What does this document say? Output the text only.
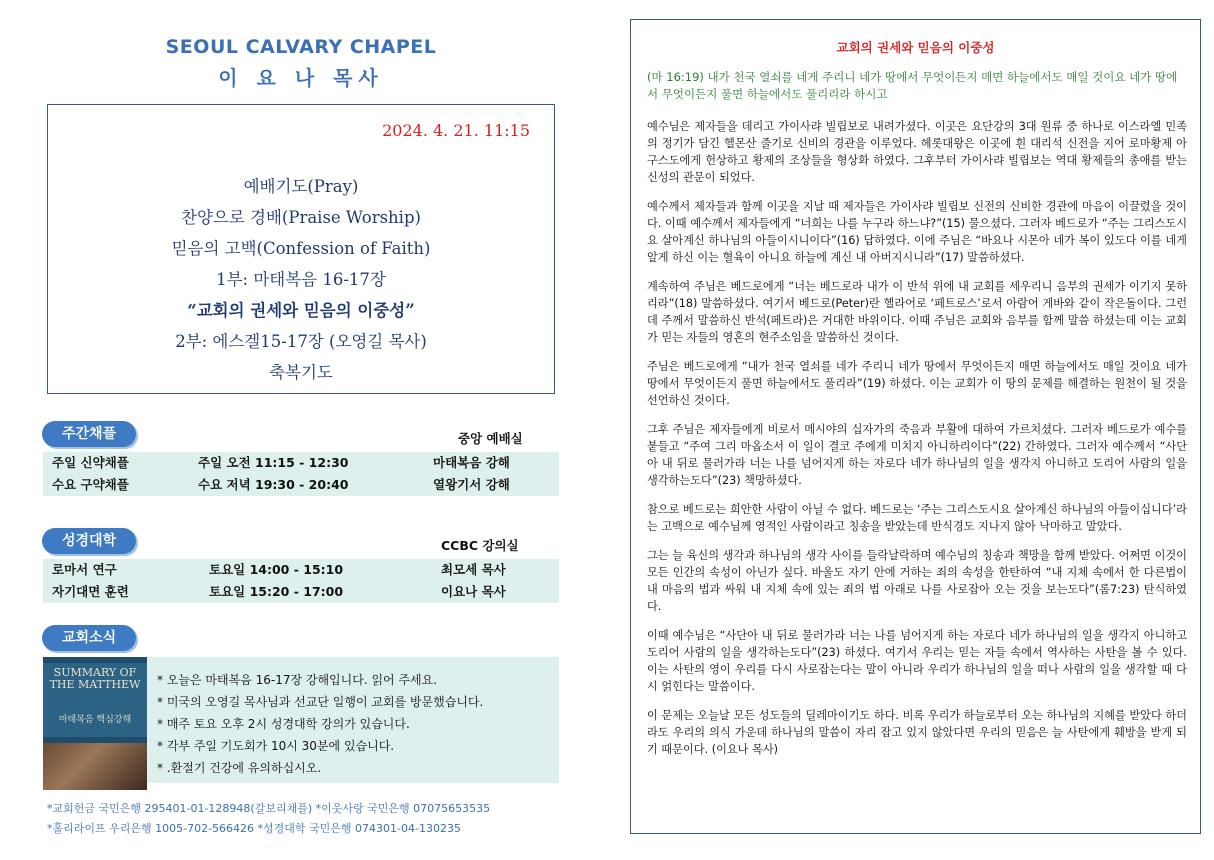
SEOUL CALVARY CHAPEL
이 요 나 목사
2024. 4. 21. 11:15
예배기도(Pray)
찬양으로 경배(Praise Worship)
믿음의 고백(Confession of Faith)
1부: 마태복음 16-17장
“교회의 권세와 믿음의 이중성”
2부: 에스겔15-17장 (오영길 목사)
축복기도
주간채플	중앙 예배실
주일 신약채플	주일 오전 11:15 - 12:30	마태복음 강해
수요 구약채플	수요 저녁 19:30 - 20:40	열왕기서 강해
성경대학	CCBC 강의실
로마서 연구	토요일 14:00 - 15:10	최모세 목사
자기대면 훈련	토요일 15:20 - 17:00	이요나 목사
교회소식
SUMMARY OF THE MATTHEW
마태복음 핵심강해
* 오늘은 마태복음 16-17장 강해입니다. 읽어 주세요.
* 미국의 오영길 목사님과 선교단 일행이 교회를 방문했습니다.
* 매주 토요 오후 2시 성경대학 강의가 있습니다.
* 각부 주일 기도회가 10시 30분에 있습니다.
* .환절기 건강에 유의하십시오.
*교회헌금 국민은행 295401-01-128948(갈보리채플) *이웃사랑 국민은행 07075653535
*홀리라이프 우리은행 1005-702-566426 *성경대학 국민은행 074301-04-130235
교회의 권세와 믿음의 이중성
(마 16:19) 내가 천국 열쇠를 네게 주리니 네가 땅에서 무엇이든지 매면 하늘에서도 매일 것이요 네가 땅에서 무엇이든지 풀면 하늘에서도 풀리리라 하시고

예수님은 제자들을 데리고 가이사랴 빌립보로 내려가셨다. 이곳은 요단강의 3대 원류 중 하나로 이스라엘 민족의 정기가 담긴 헬몬산 줄기로 신비의 경관을 이루었다. 헤롯대왕은 이곳에 흰 대리석 신전을 지어 로마황제 아구스도에게 헌상하고 황제의 조상들을 형상화 하였다. 그후부터 가이사랴 빌립보는 역대 황제들의 총애를 받는 신성의 관문이 되었다.

예수께서 제자들과 함께 이곳을 지날 때 제자들은 가이사랴 빌립보 신전의 신비한 경관에 마음이 이끌렸을 것이다. 이때 예수께서 제자들에게 “너희는 나를 누구라 하느냐?”(15) 물으셨다. 그러자 베드로가 “주는 그리스도시요 살아계신 하나님의 아들이시니이다”(16) 답하였다. 이에 주님은 “바요나 시몬아 네가 복이 있도다 이를 네게 알게 하신 이는 혈육이 아니요 하늘에 계신 내 아버지시니라”(17) 말씀하셨다.

계속하여 주님은 베드로에게 “너는 베드로라 내가 이 반석 위에 내 교회를 세우리니 음부의 권세가 이기지 못하리라”(18) 말씀하셨다. 여기서 베드로(Peter)란 헬라어로 ‘페트로스’로서 아람어 게바와 같이 작은돌이다. 그런데 주께서 말씀하신 반석(페트라)은 거대한 바위이다. 이때 주님은 교회와 음부를 함께 말씀 하셨는데 이는 교회가 믿는 자들의 영혼의 현주소임을 말씀하신 것이다.

주님은 베드로에게 “내가 천국 열쇠를 네가 주리니 네가 땅에서 무엇이든지 매면 하늘에서도 매일 것이요 네가 땅에서 무엇이든지 풀면 하늘에서도 풀리라”(19) 하셨다. 이는 교회가 이 땅의 문제를 해결하는 원천이 될 것을 선언하신 것이다.

그후 주님은 제자들에게 비로서 메시야의 십자가의 죽음과 부활에 대하여 가르치셨다. 그러자 베드로가 예수를 붙들고 “주여 그리 마옵소서 이 일이 결코 주에게 미치지 아니하리이다”(22) 간하였다. 그러자 예수께서 “사단아 내 뒤로 물러가라 너는 나를 넘어지게 하는 자로다 네가 하나님의 일을 생각지 아니하고 도리어 사람의 일을 생각하는도다”(23) 책망하셨다.

참으로 베드로는 희안한 사람이 아닐 수 없다. 베드로는 ‘주는 그리스도시요 살아계신 하나님의 아들이십니다’라는 고백으로 예수님께 영적인 사람이라고 칭송을 받았는데 반식경도 지나지 않아 낙마하고 말았다.

그는 늘 육신의 생각과 하나님의 생각 사이를 들락날락하며 예수님의 칭송과 책망을 함께 받았다. 어쩌면 이것이 모든 인간의 속성이 아닌가 싶다. 바울도 자기 안에 거하는 죄의 속성을 한탄하여 “내 지체 속에서 한 다른법이 내 마음의 법과 싸워 내 지체 속에 있는 죄의 법 아래로 나를 사로잡아 오는 것을 보는도다”(롬7:23) 탄식하였다.

이때 예수님은 “사단아 내 뒤로 물러가라 너는 나를 넘어지게 하는 자로다 네가 하나님의 일을 생각지 아니하고 도리어 사람의 일을 생각하는도다”(23) 하셨다. 여기서 우리는 믿는 자들 속에서 역사하는 사탄을 볼 수 있다. 이는 사탄의 영이 우리를 다시 사로잡는다는 말이 아니라 우리가 하나님의 일을 떠나 사람의 일을 생각할 때 다시 얽힌다는 말씀이다.

이 문제는 오늘날 모든 성도들의 딜레마이기도 하다. 비록 우리가 하늘로부터 오는 하나님의 지혜를 받았다 하더라도 우리의 의식 가운데 하나님의 말씀이 자리 잡고 있지 않았다면 우리의 믿음은 늘 사탄에게 훼방을 받게 되기 때문이다. (이요나 목사)
